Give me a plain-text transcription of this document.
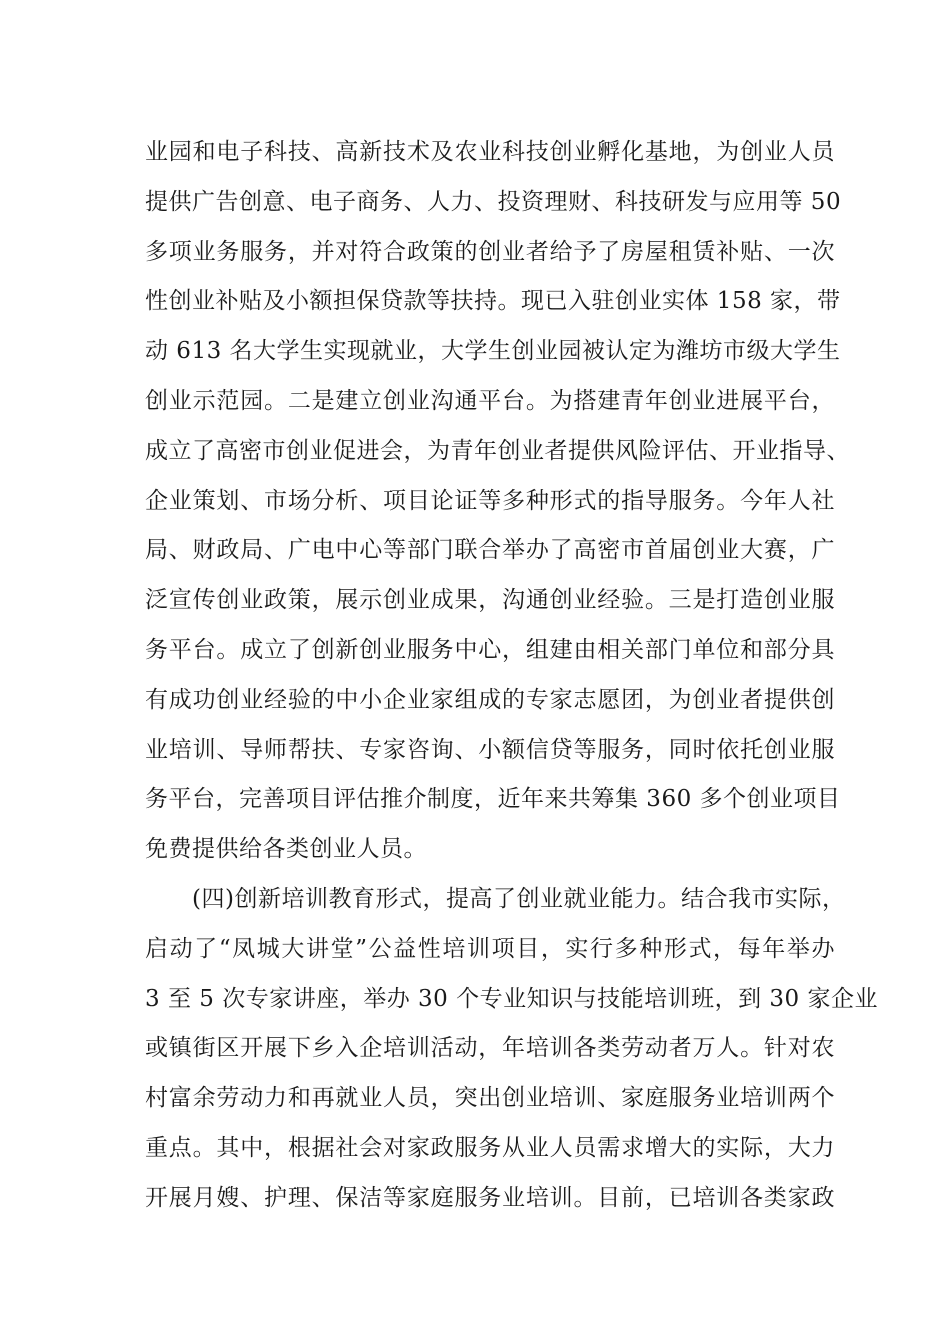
业园和电子科技、高新技术及农业科技创业孵化基地，为创业人员

提供广告创意、电子商务、人力、投资理财、科技研发与应用等 50

多项业务服务，并对符合政策的创业者给予了房屋租赁补贴、一次

性创业补贴及小额担保贷款等扶持。现已入驻创业实体 158 家，带

动 613 名大学生实现就业，大学生创业园被认定为潍坊市级大学生

创业示范园。二是建立创业沟通平台。为搭建青年创业进展平台，

成立了高密市创业促进会，为青年创业者提供风险评估、开业指导、

企业策划、市场分析、项目论证等多种形式的指导服务。今年人社

局、财政局、广电中心等部门联合举办了高密市首届创业大赛，广

泛宣传创业政策，展示创业成果，沟通创业经验。三是打造创业服

务平台。成立了创新创业服务中心，组建由相关部门单位和部分具

有成功创业经验的中小企业家组成的专家志愿团，为创业者提供创

业培训、导师帮扶、专家咨询、小额信贷等服务，同时依托创业服

务平台，完善项目评估推介制度，近年来共筹集 360 多个创业项目

免费提供给各类创业人员。

(四)创新培训教育形式，提高了创业就业能力。结合我市实际，

启动了“凤城大讲堂”公益性培训项目，实行多种形式，每年举办

3 至 5 次专家讲座，举办 30 个专业知识与技能培训班，到 30 家企业

或镇街区开展下乡入企培训活动，年培训各类劳动者万人。针对农

村富余劳动力和再就业人员，突出创业培训、家庭服务业培训两个

重点。其中，根据社会对家政服务从业人员需求增大的实际，大力

开展月嫂、护理、保洁等家庭服务业培训。目前，已培训各类家政
